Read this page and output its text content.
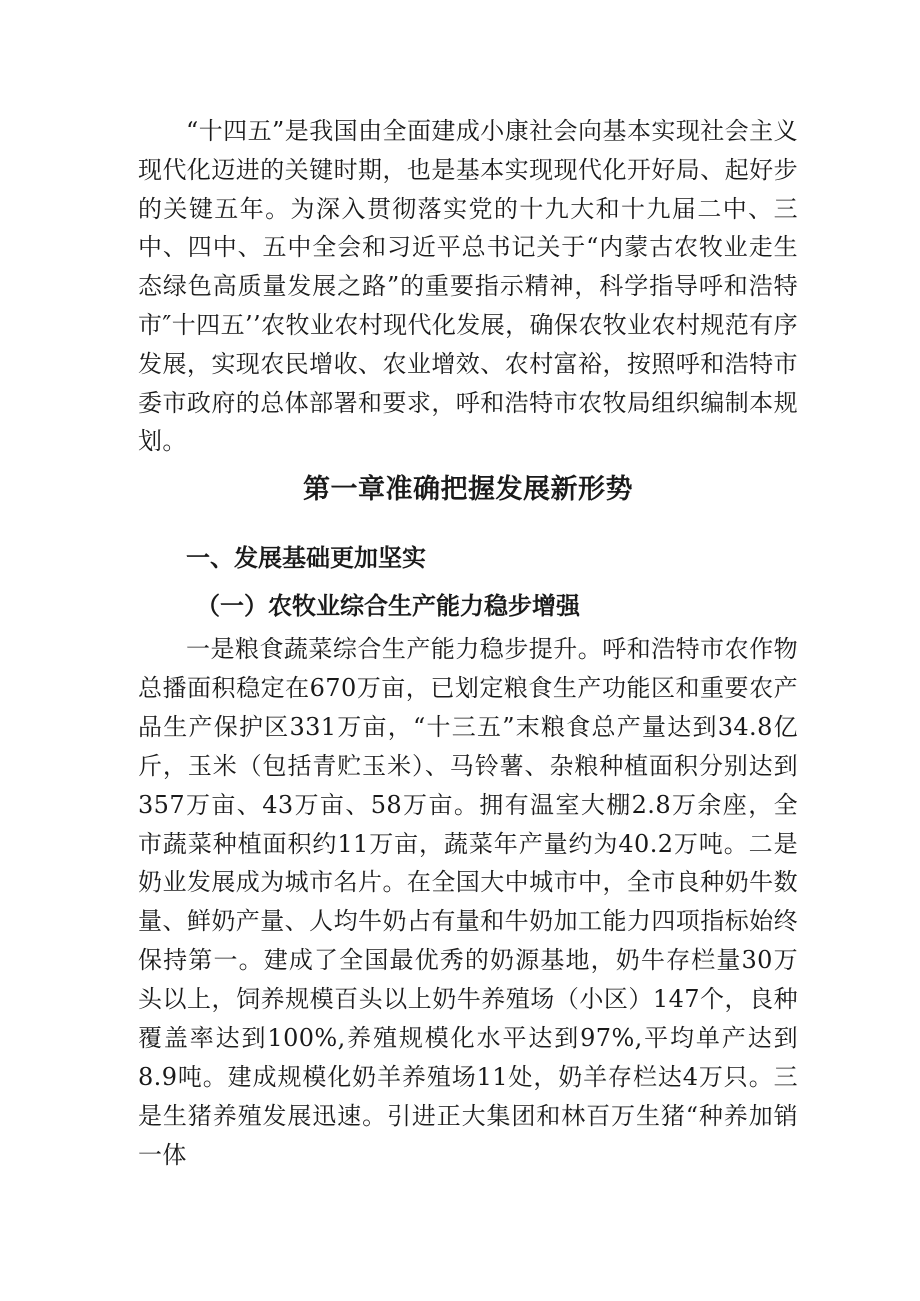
“十四五”是我国由全面建成小康社会向基本实现社会主义现代化迈进的关键时期，也是基本实现现代化开好局、起好步的关键五年。为深入贯彻落实党的十九大和十九届二中、三中、四中、五中全会和习近平总书记关于“内蒙古农牧业走生态绿色高质量发展之路”的重要指示精神，科学指导呼和浩特市″十四五’’农牧业农村现代化发展，确保农牧业农村规范有序发展，实现农民增收、农业增效、农村富裕，按照呼和浩特市委市政府的总体部署和要求，呼和浩特市农牧局组织编制本规划。

第一章准确把握发展新形势
一、发展基础更加坚实
（一）农牧业综合生产能力稳步增强

一是粮食蔬菜综合生产能力稳步提升。呼和浩特市农作物总播面积稳定在670万亩，已划定粮食生产功能区和重要农产品生产保护区331万亩，“十三五”末粮食总产量达到34.8亿斤，玉米（包括青贮玉米）、马铃薯、杂粮种植面积分别达到357万亩、43万亩、58万亩。拥有温室大棚2.8万余座，全市蔬菜种植面积约11万亩，蔬菜年产量约为40.2万吨。二是奶业发展成为城市名片。在全国大中城市中，全市良种奶牛数量、鲜奶产量、人均牛奶占有量和牛奶加工能力四项指标始终保持第一。建成了全国最优秀的奶源基地，奶牛存栏量30万头以上，饲养规模百头以上奶牛养殖场（小区）147个，良种覆盖率达到100%,养殖规模化水平达到97%,平均单产达到8.9吨。建成规模化奶羊养殖场11处，奶羊存栏达4万只。三是生猪养殖发展迅速。引进正大集团和林百万生猪“种养加销一体
